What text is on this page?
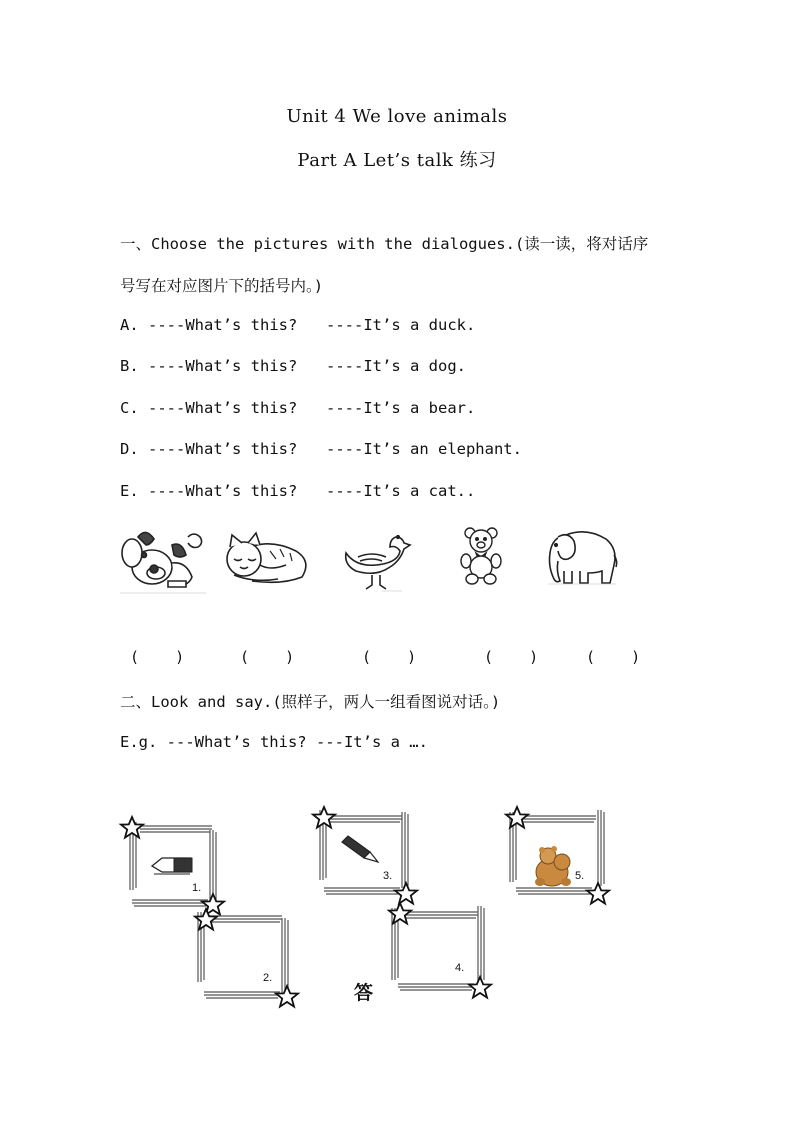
Unit 4 We love animals
Part A Let’s talk 练习
一、Choose the pictures with the dialogues.(读一读，将对话序
号写在对应图片下的括号内。)
A. ----What’s this? ----It’s a duck.
B. ----What’s this? ----It’s a dog.
C. ----What’s this? ----It’s a bear.
D. ----What’s this? ----It’s an elephant.
E. ----What’s this? ----It’s a cat..
(    )	(    )	(    )	(    )	(    )
二、Look and say.(照样子，两人一组看图说对话。)
E.g. ---What’s this? ---It’s a ….
1.
2.
3.
4.
5.
答
